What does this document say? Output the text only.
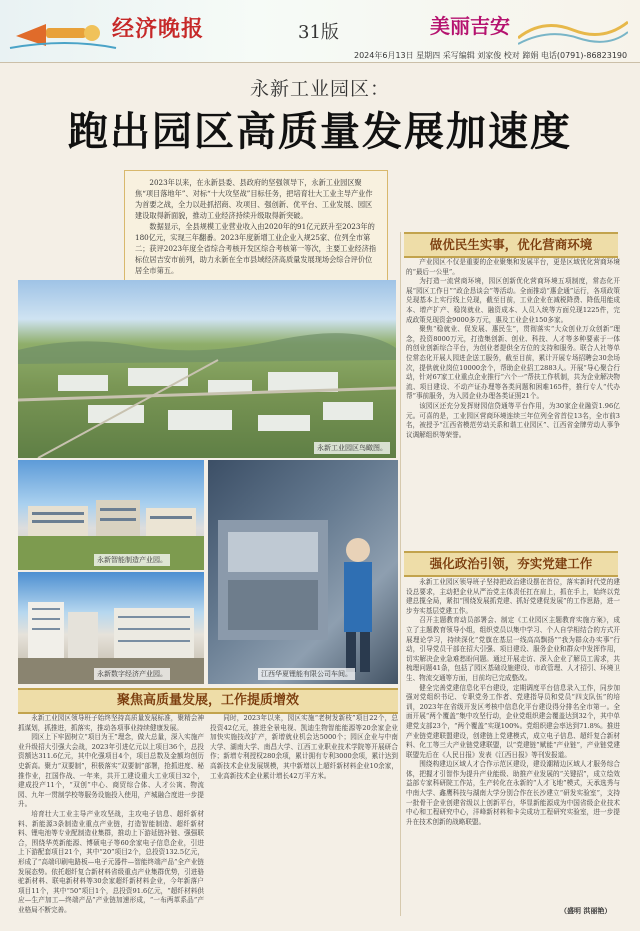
经济晚报	31版	美丽吉安
2024年6月13日 星期四 采写编辑 刘家俊 校对 蹄娟 电话(0791)-86823190
永新工业园区：
跑出园区高质量发展加速度

2023年以来，在永新县委、县政府的坚强领导下，永新工业园区聚焦“项目落地年”、对标“十大攻坚战”目标任务，把培育壮大工业主导产业作为首要之战，全力以赴抓招商、攻项目、强创新、优平台、工业发展、园区建设取得新面貌，推动工业经济持续升级取得新突破。

数据显示，全县规模工业营业收入由2020年的91亿元跃升至2023年的180亿元，实现三年翻番。2023年度新增工业企业入规25家、位列全市第二；获评2023年度全省综合考核开发区综合考核第一等次，主要工业经济指标位居吉安市前列，助力永新在全市县域经济高质量发展现场会综合评价位居全市第五。

永新工业园区鸟瞰图。
永新智能制造产业园。
永新数字经济产业园。	江西华夏锂能有限公司车间。
做优民生实事，优化营商环境

产业园区不仅是重要的企业聚集和发展平台，更是区域优化营商环境的“最后一公里”。

为打造一流营商环境，园区创新优化营商环境五项制度，常态化开展“园区工作日”“政企恳谈会”等活动。全面推动“惠企通”运行，各项政策兑现基本上实行线上兑现，截至目前，工业企业在减税降费、降低用能成本、增产扩产、稳岗就业、融资成本、人员入统等方面兑现1225件，完成政策兑现资金9000多万元，惠及工业企业150多家。

聚焦“稳就业、促发展、惠民生”，贯彻落实“大众创业万众创新”理念，投资8000万元，打造集创新、创业、科技、人才等多种要素于一体的创业创新综合平台，为创业者提供全方位的支持和服务。联合人社等单位常态化开展人园进企送工服务，截至目前，累计开展专场招聘会30余场次，提供就业岗位10000余个，帮助企业招工2883人。开展“导心聚合行动，针对67家工业重点企业推行“六个一”帮扶工作机制，共为企业解决物流、项目建设、不动产证办理等各类问题和困难165件，推行专人“代办帮”事前服务，为入园企业办理各类证照21个。

该园区还充分发挥财园信贷通等平台作用，为30家企业融资1.96亿元。可喜的是，工业园区营商环境连续三年位列全省首位13名，全市前3名，被授予“江西省模范劳动关系和谐工业园区”、江西省金牌劳动人事争议调解组织等荣誉。

强化政治引领，夯实党建工作

永新工业园区领导班子坚持把政治建设摆在首位，落实新时代党的建设总要求，主动把企业从严治党主体责任扛在肩上，抓在手上，始终以党建总揽全局，紧扣“围绕发展抓党建、抓好党建促发展”的工作思路，进一步夯实基层党建工作。

召开主题教育动员部署会、制定《工业园区主题教育实施方案》，成立了主题教育领导小组，组织党员以集中学习、个人自学相结合的方式开展理论学习，持续深化“党旗在基层一线高高飘扬”“我为群众办实事”行动，引导党员干部在招大引强、项目建设、服务企业和群众中发挥作用，切实解决企业急难愁盼问题。通过开展走访、深入企业了解员工需求，共梳理问题41条，包括了园区基础设施建设、市政管理、人才招引、环境卫生、物流交通等方面，目前均已完成整改。

健全完善党建信息化平台建设，定期调度平台信息录入工作，同步加强对党组织书记、专职党务工作者、党建指导员和党员“四支队伍”的培训，2023年在省级开发区考核中信息化平台建设得分排名全市第一。全面开展“两个覆盖”集中攻坚行动，企业党组织建会覆盖达到32个，其中单建党支部23个，“两个覆盖”实现100%。党组织建会率达到71.8%。推进产业链党建联盟建设，创建链上党建模式，成立电子信息、超纤复合新材料、化工等三大产业链党建联盟，以“党建链”赋能“产业链”，产业链党建联盟先后在《人民日报》发表《江西日报》等刊发报道。

围绕构建边区域人才合作示范区建设，建设潮精边区域人才服务综合体，把握才引智作为提升产业能级、助推产业发展的“关键招”，成立绘效益部专家科研院工作站，生产转化在永新的“人才飞地”模式，天承选秀与中南大学、鑫鹰科技与湖南大学分别合作在长沙建立“研发实验室”，支持一批骨干企业创建省级以上创新平台，华显新能源成为中国省级企业技术中心和工程研究中心，洋峰新材料和卡尖成功工程研究实验室，进一步提升在技术创新的战略联盟。

聚焦高质量发展，工作提质增效

永新工业园区领导班子始终坚持高质量发展标准，聚精会神抓谋划，抓推进，抓落实，推动各项事业持续健康发展。

园区上下牢固树立“项目为王”理念，做大总量，深入实施产业升级招大引强大会战，2023年引进亿元以上项目36个，总投资额达311.6亿元，其中化强项目4个，项目总数及金额均创历史新高。聚力“双要制”，积极落实“双要制”部署，抢抓进度、秘推作业，扛国作战、一年来，共开工建设重大工业项目32个，建成投产11个，“双创”中心、商贸综合体、人才公寓、物流园、九年一贯制学校等服务设施投入使用，产城融合度进一步提升。

培育壮大工业主导产业攻坚战，主攻电子信息、超纤新材料、新能源3条制造业重点产业链，打造智能制造、超纤新材料、锂电池等专业配制造业集群，推动上下游延链补链、强强联合，围绕华英新能源、博硕电子等60余家电子信息企业，引进上下游配套项目21个，其中“20”项目2个，总投资132.5亿元，形成了“高端印刷电路板—电子元器件—智能终端产品”全产业链发展态势。依托超纤复合新材料省级重点产业集群优势，引进骆驼新材料、联电新材料等30余家超纤新材料企业，今年新落户项目11个，其中“50”项目1个，总投资91.6亿元，“超纤材料供应—生产加工—终端产品”产业链加速形成，“一布两革系品”产业格局不断完善。

同时，2023年以来，园区实施“老树发新枝”项目22个，总投资42亿元，推进全景电视、凯迪生物智能能源等20余家企业加快实施技改扩产，新增就业机会达5000个；园区企业与中南大学、湖南大学、南昌大学、江西工业职业技术学院等开展研合作；新增专利授权280余项，累计拥有专利3000余项，累计达到高新技术企业发展规模，其中新增以上超纤新材料企业10余家，工业高新技术企业累计增长42万平方米。

（盛明 洪丽艳）
